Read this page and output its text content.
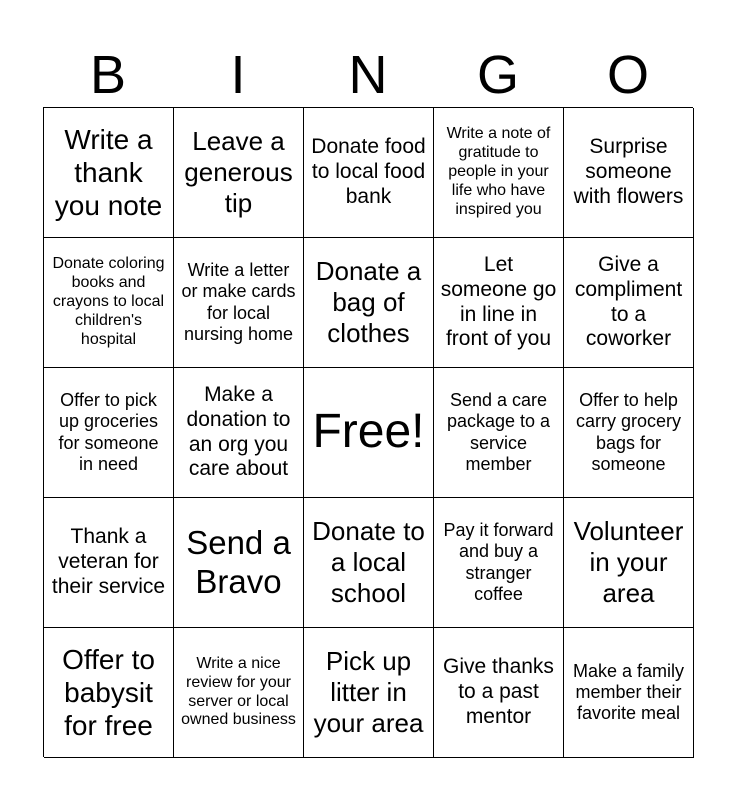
B	I	N	G	O
Write a thank you note
Leave a generous tip
Donate food to local food bank
Write a note of gratitude to people in your life who have inspired you
Surprise someone with flowers
Donate coloring books and crayons to local children's hospital
Write a letter or make cards for local nursing home
Donate a bag of clothes
Let someone go in line in front of you
Give a compliment to a coworker
Offer to pick up groceries for someone in need
Make a donation to an org you care about
Free!
Send a care package to a service member
Offer to help carry grocery bags for someone
Thank a veteran for their service
Send a Bravo
Donate to a local school
Pay it forward and buy a stranger coffee
Volunteer in your area
Offer to babysit for free
Write a nice review for your server or local owned business
Pick up litter in your area
Give thanks to a past mentor
Make a family member their favorite meal
